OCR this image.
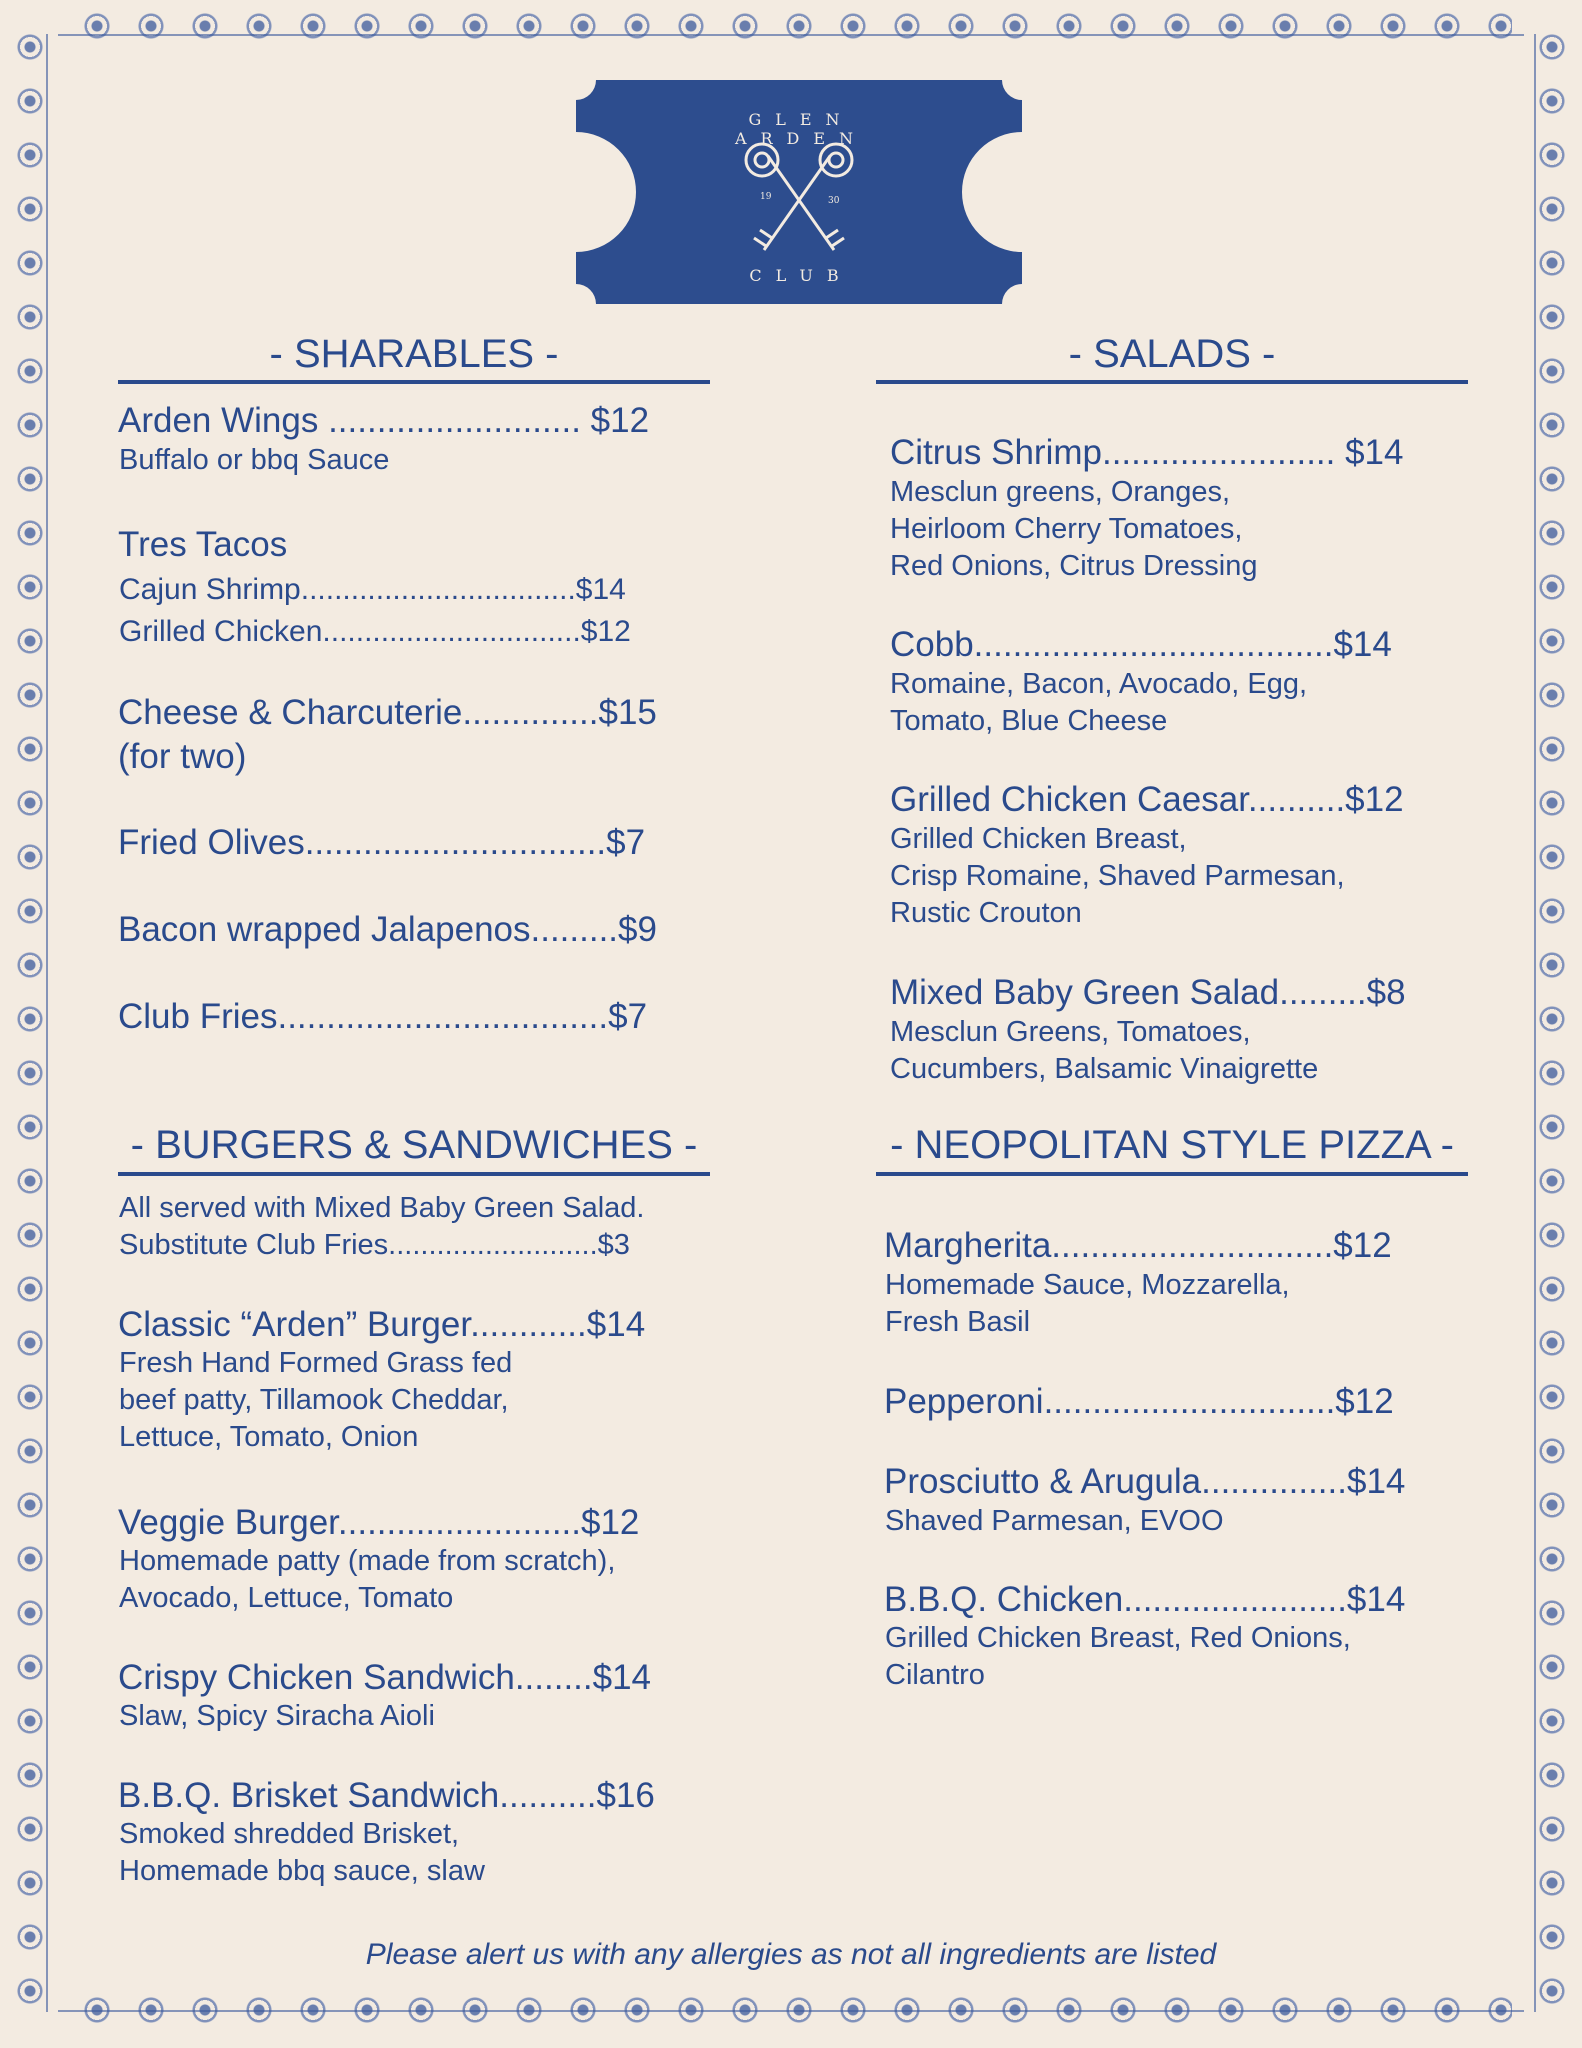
GLEN ARDEN
CLUB
19	30
- SHARABLES -
Arden Wings .......................... $12
Buffalo or bbq Sauce
Tres Tacos
Cajun Shrimp.................................$14
Grilled Chicken...............................$12
Cheese & Charcuterie..............$15
(for two)
Fried Olives...............................$7
Bacon wrapped Jalapenos.........$9
Club Fries..................................$7
- SALADS -
Citrus Shrimp........................ $14
Mesclun greens, Oranges,
Heirloom Cherry Tomatoes,
Red Onions, Citrus Dressing
Cobb.....................................$14
Romaine, Bacon, Avocado, Egg,
Tomato, Blue Cheese
Grilled Chicken Caesar..........$12
Grilled Chicken Breast,
Crisp Romaine, Shaved Parmesan,
Rustic Crouton
Mixed Baby Green Salad.........$8
Mesclun Greens, Tomatoes,
Cucumbers, Balsamic Vinaigrette
- BURGERS & SANDWICHES -
All served with Mixed Baby Green Salad.
Substitute Club Fries..........................$3
Classic “Arden” Burger............$14
Fresh Hand Formed Grass fed
beef patty, Tillamook Cheddar,
Lettuce, Tomato, Onion
Veggie Burger.........................$12
Homemade patty (made from scratch),
Avocado, Lettuce, Tomato
Crispy Chicken Sandwich........$14
Slaw, Spicy Siracha Aioli
B.B.Q. Brisket Sandwich..........$16
Smoked shredded Brisket,
Homemade bbq sauce, slaw
- NEOPOLITAN STYLE PIZZA -
Margherita.............................$12
Homemade Sauce, Mozzarella,
Fresh Basil
Pepperoni..............................$12
Prosciutto & Arugula...............$14
Shaved Parmesan, EVOO
B.B.Q. Chicken.......................$14
Grilled Chicken Breast, Red Onions,
Cilantro
Please alert us with any allergies as not all ingredients are listed
